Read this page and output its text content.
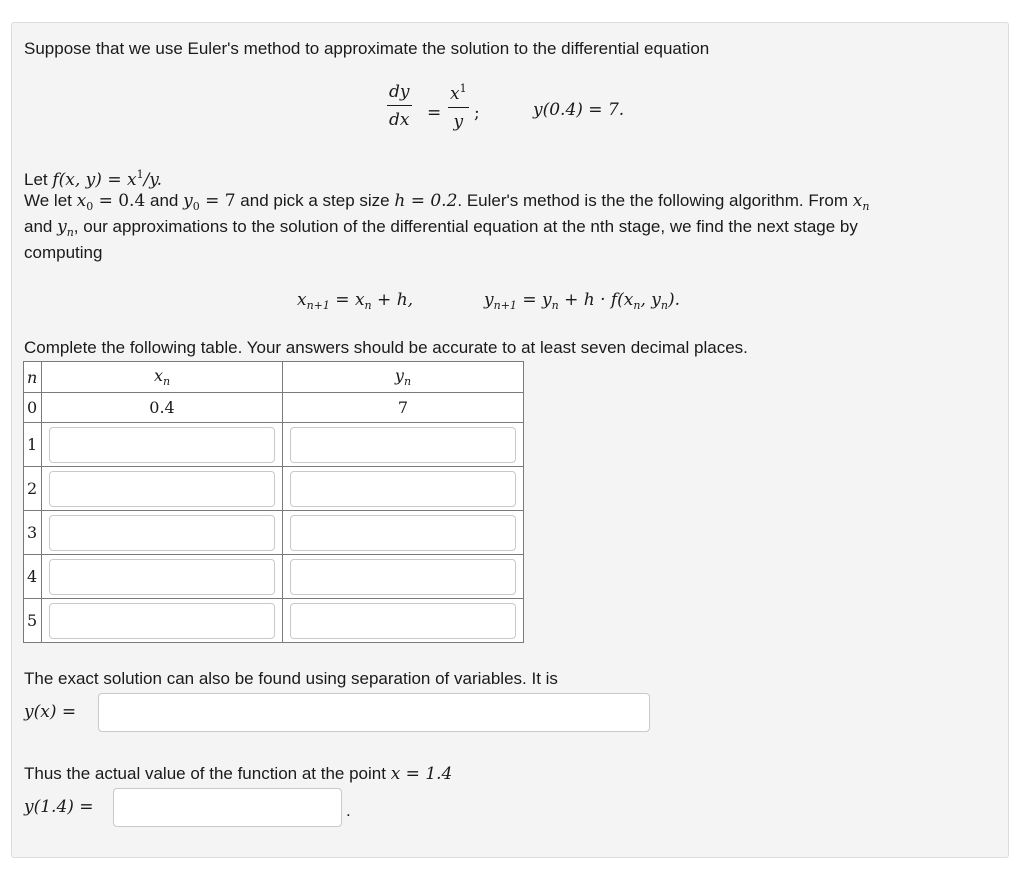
Suppose that we use Euler's method to approximate the solution to the differential equation
$\frac{dy}{dx} = \frac{x^1}{y}$ ;	y(0.4) = 7.
Let f(x, $y) = x^1/y$.
We let $x_0 = 0.4$ and $y_0 = 7$ and pick a step size h = 0.2. Euler's method is the the following algorithm. From $x_n$
and $y_n$, our approximations to the solution of the differential equation at the nth stage, we find the next stage by
computing
$x_{n+1} = x_n + h$,	$y_{n+1} = y_n + h \cdot f(x_n$, $y_n$).
Complete the following table. Your answers should be accurate to at least seven decimal places.
n	$x_n$	$y_n$
0	0.4	7
1	

2	

3	

4	

5	

The exact solution can also be found using separation of variables. It is
y(x) =
Thus the actual value of the function at the point x = 1.4
y(1.4) =	.
